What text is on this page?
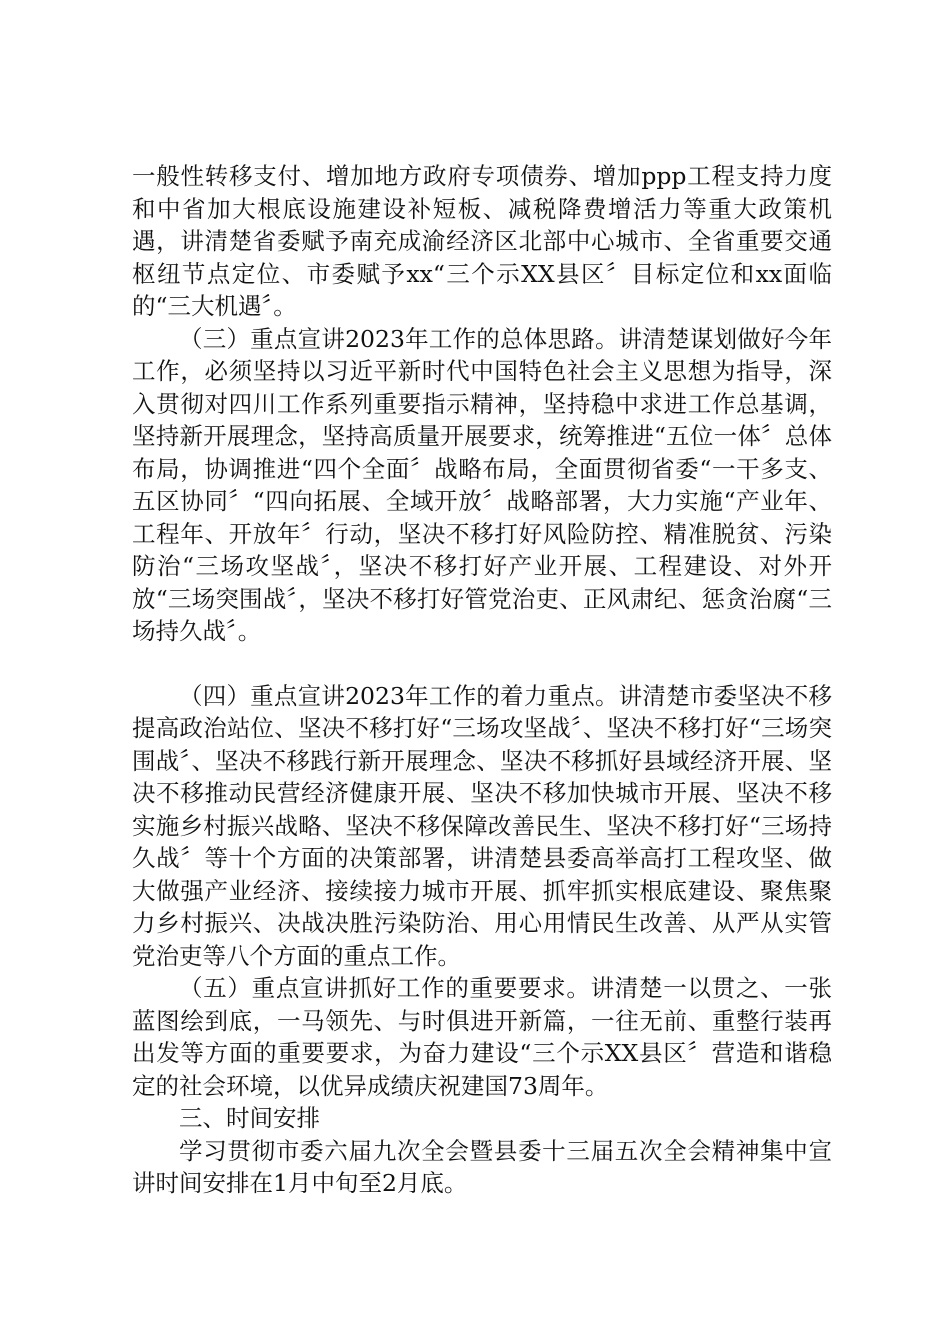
一般性转移支付、增加地方政府专项债券、增加ppp工程支持力度和中省加大根底设施建设补短板、减税降费增活力等重大政策机遇，讲清楚省委赋予南充成渝经济区北部中心城市、全省重要交通枢纽节点定位、市委赋予xx“三个示XX县区〞目标定位和xx面临的“三大机遇〞。

（三）重点宣讲2023年工作的总体思路。讲清楚谋划做好今年工作，必须坚持以习近平新时代中国特色社会主义思想为指导，深入贯彻对四川工作系列重要指示精神，坚持稳中求进工作总基调，坚持新开展理念，坚持高质量开展要求，统筹推进“五位一体〞总体布局，协调推进“四个全面〞战略布局，全面贯彻省委“一干多支、五区协同〞“四向拓展、全域开放〞战略部署，大力实施“产业年、工程年、开放年〞行动，坚决不移打好风险防控、精准脱贫、污染防治“三场攻坚战〞，坚决不移打好产业开展、工程建设、对外开放“三场突围战〞，坚决不移打好管党治吏、正风肃纪、惩贪治腐“三场持久战〞。

（四）重点宣讲2023年工作的着力重点。讲清楚市委坚决不移提高政治站位、坚决不移打好“三场攻坚战〞、坚决不移打好“三场突围战〞、坚决不移践行新开展理念、坚决不移抓好县域经济开展、坚决不移推动民营经济健康开展、坚决不移加快城市开展、坚决不移实施乡村振兴战略、坚决不移保障改善民生、坚决不移打好“三场持久战〞等十个方面的决策部署，讲清楚县委高举高打工程攻坚、做大做强产业经济、接续接力城市开展、抓牢抓实根底建设、聚焦聚力乡村振兴、决战决胜污染防治、用心用情民生改善、从严从实管党治吏等八个方面的重点工作。

（五）重点宣讲抓好工作的重要要求。讲清楚一以贯之、一张蓝图绘到底，一马领先、与时俱进开新篇，一往无前、重整行装再出发等方面的重要要求，为奋力建设“三个示XX县区〞营造和谐稳定的社会环境，以优异成绩庆祝建国73周年。

三、时间安排

学习贯彻市委六届九次全会暨县委十三届五次全会精神集中宣讲时间安排在1月中旬至2月底。
